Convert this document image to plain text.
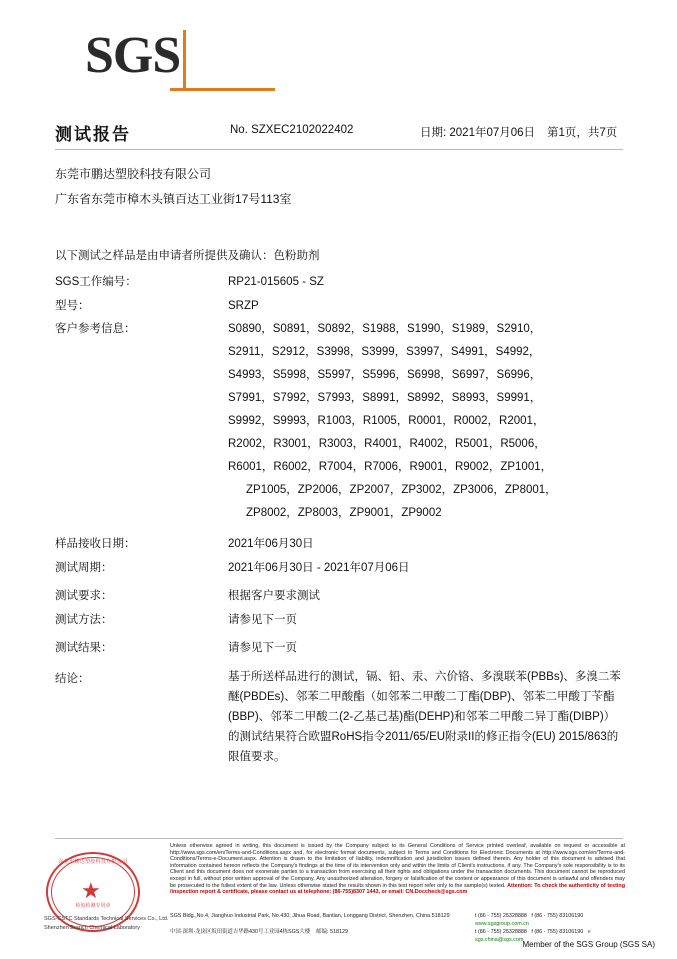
SGS
测试报告	No. SZXEC2102022402	日期: 2021年07月06日 第1页，共7页
东莞市鹏达塑胶科技有限公司
广东省东莞市樟木头镇百达工业街17号113室
以下测试之样品是由申请者所提供及确认：色粉助剂
SGS工作编号：	RP21-015605 - SZ
型号：	SRZP
客户参考信息：	S0890，S0891，S0892，S1988，S1990，S1989，S2910，
S2911，S2912，S3998，S3999，S3997，S4991，S4992，
S4993，S5998，S5997，S5996，S6998，S6997，S6996，
S7991，S7992，S7993，S8991，S8992，S8993，S9991，
S9992，S9993，R1003，R1005，R0001，R0002，R2001，
R2002，R3001，R3003，R4001，R4002，R5001，R5006，
R6001，R6002，R7004，R7006，R9001，R9002，ZP1001，
ZP1005，ZP2006，ZP2007，ZP3002，ZP3006，ZP8001，
ZP8002，ZP8003，ZP9001，ZP9002
样品接收日期：	2021年06月30日
测试周期：	2021年06月30日 - 2021年07月06日
测试要求：	根据客户要求测试
测试方法：	请参见下一页
测试结果：	请参见下一页
结论：	基于所送样品进行的测试，镉、铅、汞、六价铬、多溴联苯(PBBs)、多溴二苯醚(PBDEs)、邻苯二甲酸酯（如邻苯二甲酸二丁酯(DBP)、邻苯二甲酸丁苄酯(BBP)、邻苯二甲酸二(2-乙基己基)酯(DEHP)和邻苯二甲酸二异丁酯(DIBP)）的测试结果符合欧盟RoHS指令2011/65/EU附录II的修正指令(EU) 2015/863的限值要求。
东莞市鹏达塑胶科技有限公司
★
检验检测专用章
SGS-CSTC Standards Technical Services Co., Ltd.
Shenzhen Branch Chemical Laboratory
Unless otherwise agreed in writing, this document is issued by the Company subject to its General Conditions of Service printed overleaf, available on request or accessible at http://www.sgs.com/en/Terms-and-Conditions.aspx and, for electronic format documents, subject to Terms and Conditions for Electronic Documents at http://www.sgs.com/en/Terms-and-Conditions/Terms-e-Document.aspx. Attention is drawn to the limitation of liability, indemnification and jurisdiction issues defined therein. Any holder of this document is advised that information contained hereon reflects the Company's findings at the time of its intervention only and within the limits of Client's instructions, if any. The Company's sole responsibility is to its Client and this document does not exonerate parties to a transaction from exercising all their rights and obligations under the transaction documents. This document cannot be reproduced except in full, without prior written approval of the Company. Any unauthorized alteration, forgery or falsification of the content or appearance of this document is unlawful and offenders may be prosecuted to the fullest extent of the law. Unless otherwise stated the results shown in this test report refer only to the sample(s) tested. Attention: To check the authenticity of testing /inspection report & certificate, please contact us at telephone: (86-755)8307 1443, or email: CN.Doccheck@sgs.com
SGS Bldg.,No.4, Jianghuo Industrial Park, No.430, Jihua Road, Bantian, Longgang District, Shenzhen, China 518129	t (86 - 755) 25328888 f (86 - 755) 83106190   www.sgsgroup.com.cn
中国·深圳·龙岗区坂田街道吉华路430号工业园4栋SGS大楼 邮编: 518129	t (86 - 755) 25328888 f (86 - 755) 83106190 e sgs.china@sgs.com Member of the SGS Group (SGS SA)
